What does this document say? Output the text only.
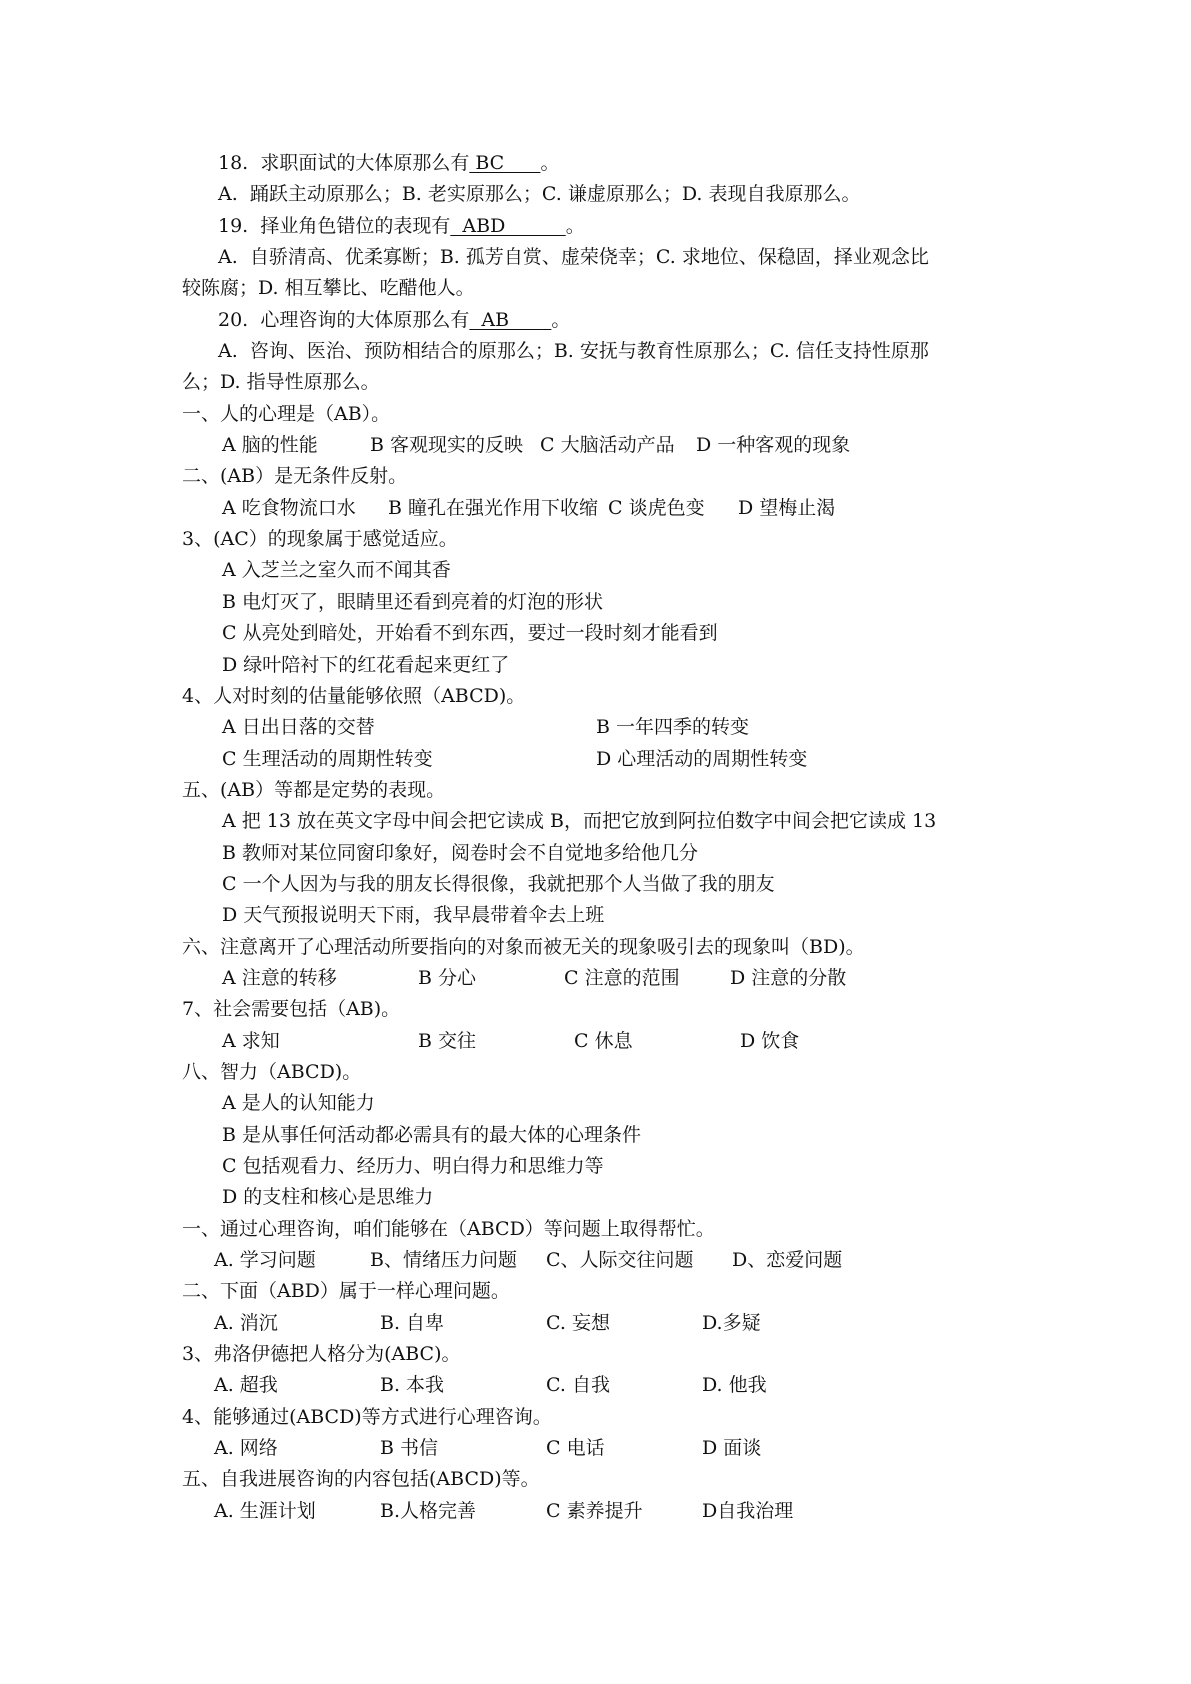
18. 求职面试的大体原那么有 BC      。
A.  踊跃主动原那么；B. 老实原那么；C. 谦虚原那么；D. 表现自我原那么。
19. 择业角色错位的表现有  ABD          。
A.  自骄清高、优柔寡断；B. 孤芳自赏、虚荣侥幸；C. 求地位、保稳固，择业观念比
较陈腐；D. 相互攀比、吃醋他人。
20. 心理咨询的大体原那么有  AB       。
A.  咨询、医治、预防相结合的原那么；B. 安抚与教育性原那么；C. 信任支持性原那
么；D. 指导性原那么。
一、人的心理是（AB）。
A 脑的性能	B 客观现实的反映 C 大脑活动产品 D 一种客观的现象
二、(AB）是无条件反射。
A 吃食物流口水 B 瞳孔在强光作用下收缩 C 谈虎色变 D 望梅止渴
3、(AC）的现象属于感觉适应。
A 入芝兰之室久而不闻其香
B 电灯灭了，眼睛里还看到亮着的灯泡的形状
C 从亮处到暗处，开始看不到东西，要过一段时刻才能看到
D 绿叶陪衬下的红花看起来更红了
4、人对时刻的估量能够依照（ABCD)。
A 日出日落的交替	B 一年四季的转变
C 生理活动的周期性转变	D 心理活动的周期性转变
五、(AB）等都是定势的表现。
A 把 13 放在英文字母中间会把它读成 B，而把它放到阿拉伯数字中间会把它读成 13
B 教师对某位同窗印象好，阅卷时会不自觉地多给他几分
C 一个人因为与我的朋友长得很像，我就把那个人当做了我的朋友
D 天气预报说明天下雨，我早晨带着伞去上班
六、注意离开了心理活动所要指向的对象而被无关的现象吸引去的现象叫（BD)。
A 注意的转移	B 分心	C 注意的范围	D 注意的分散
7、社会需要包括（AB)。
A 求知	B 交往	C 休息	D 饮食
八、智力（ABCD)。
A 是人的认知能力
B 是从事任何活动都必需具有的最大体的心理条件
C 包括观看力、经历力、明白得力和思维力等
D 的支柱和核心是思维力
一、通过心理咨询，咱们能够在（ABCD）等问题上取得帮忙。
A. 学习问题	B、情绪压力问题 C、人际交往问题 D、恋爱问题
二、下面（ABD）属于一样心理问题。
A. 消沉	B. 自卑	C. 妄想	D.多疑
3、弗洛伊德把人格分为(ABC)。
A. 超我	B. 本我	C. 自我	D. 他我
4、能够通过(ABCD)等方式进行心理咨询。
A. 网络	B 书信	C 电话	D 面谈
五、自我进展咨询的内容包括(ABCD)等。
A. 生涯计划	B.人格完善	C 素养提升	D自我治理
